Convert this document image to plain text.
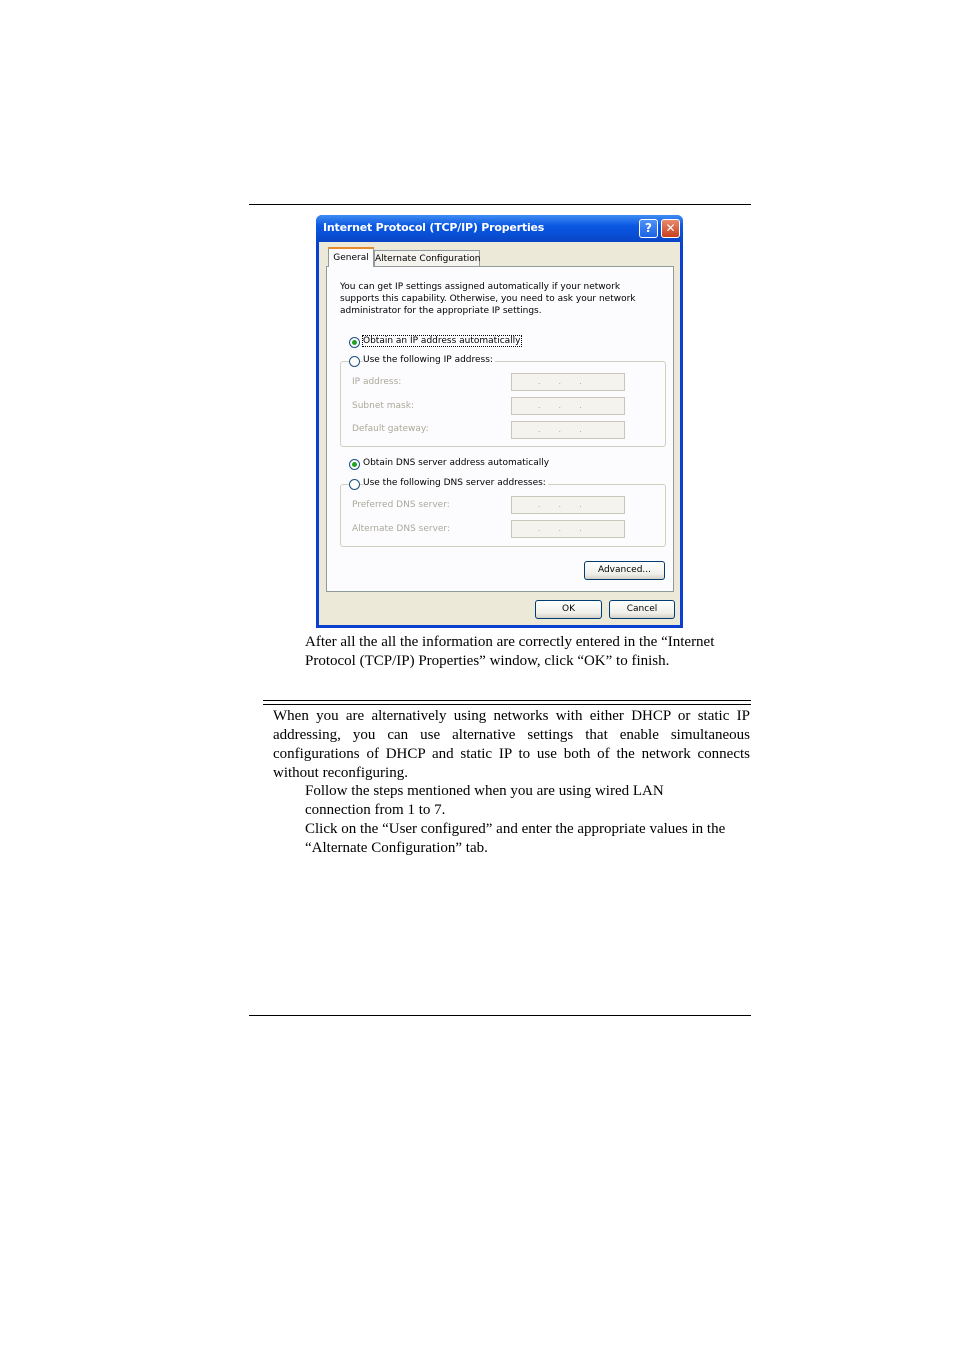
Internet Protocol (TCP/IP) Properties	?	✕
General Alternate Configuration
You can get IP settings assigned automatically if your network supports this capability. Otherwise, you need to ask your network administrator for the appropriate IP settings.
Obtain an IP address automatically
Use the following IP address:
IP address:	...
Subnet mask:	...
Default gateway:	...
Obtain DNS server address automatically
Use the following DNS server addresses:
Preferred DNS server:	...
Alternate DNS server:	...
Advanced...
OK	Cancel
After all the all the information are correctly entered in the “Internet Protocol (TCP/IP) Properties” window, click “OK” to finish.
When you are alternatively using networks with either DHCP or static IP addressing, you can use alternative settings that enable simultaneous configurations of DHCP and static IP to use both of the network connects without reconfiguring.
Follow the steps mentioned when you are using wired LAN connection from 1 to 7.
Click on the “User configured” and enter the appropriate values in the “Alternate Configuration” tab.
